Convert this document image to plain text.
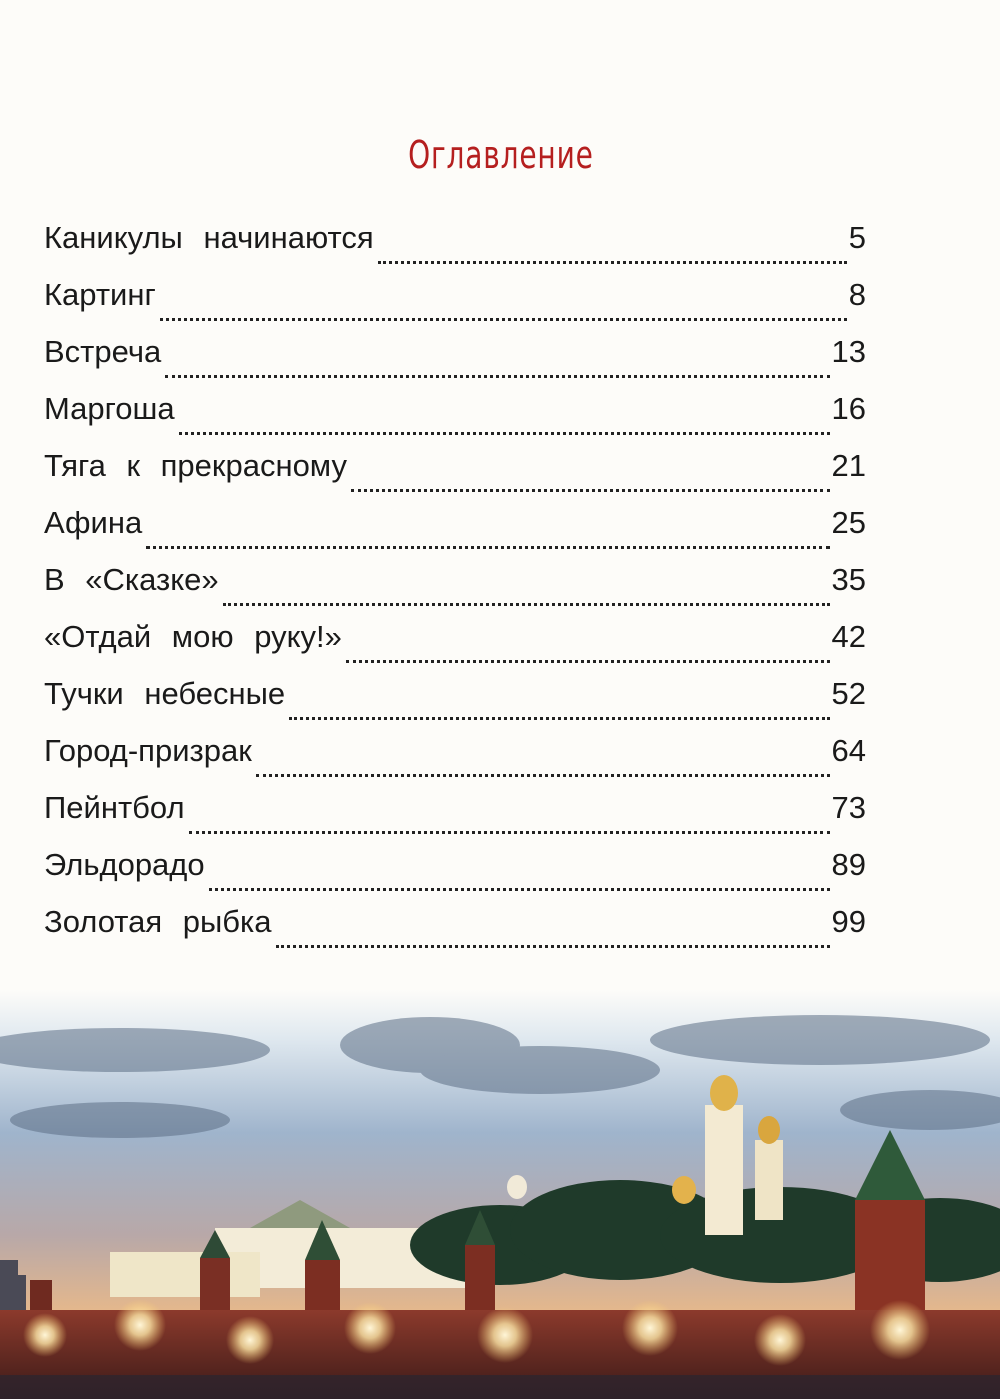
Оглавление
Каникулы начинаются	5
Картинг	8
Встреча	13
Маргоша	16
Тяга к прекрасному	21
Афина	25
В «Сказке»	35
«Отдай мою руку!»	42
Тучки небесные	52
Город-призрак	64
Пейнтбол	73
Эльдорадо	89
Золотая рыбка	99
